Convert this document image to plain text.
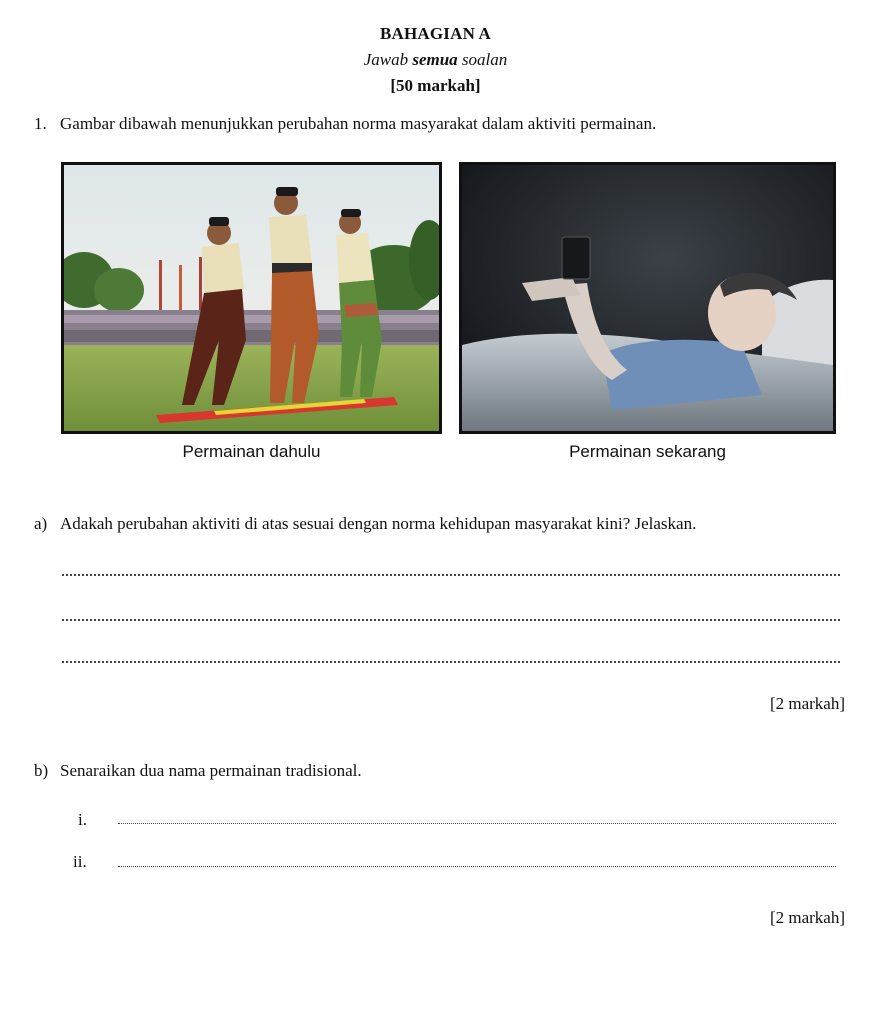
BAHAGIAN A
Jawab semua soalan
[50 markah]
1. Gambar dibawah menunjukkan perubahan norma masyarakat dalam aktiviti permainan.
Permainan dahulu	Permainan sekarang
a) Adakah perubahan aktiviti di atas sesuai dengan norma kehidupan masyarakat kini? Jelaskan.
[2 markah]
b) Senaraikan dua nama permainan tradisional.
i.
ii.
[2 markah]
